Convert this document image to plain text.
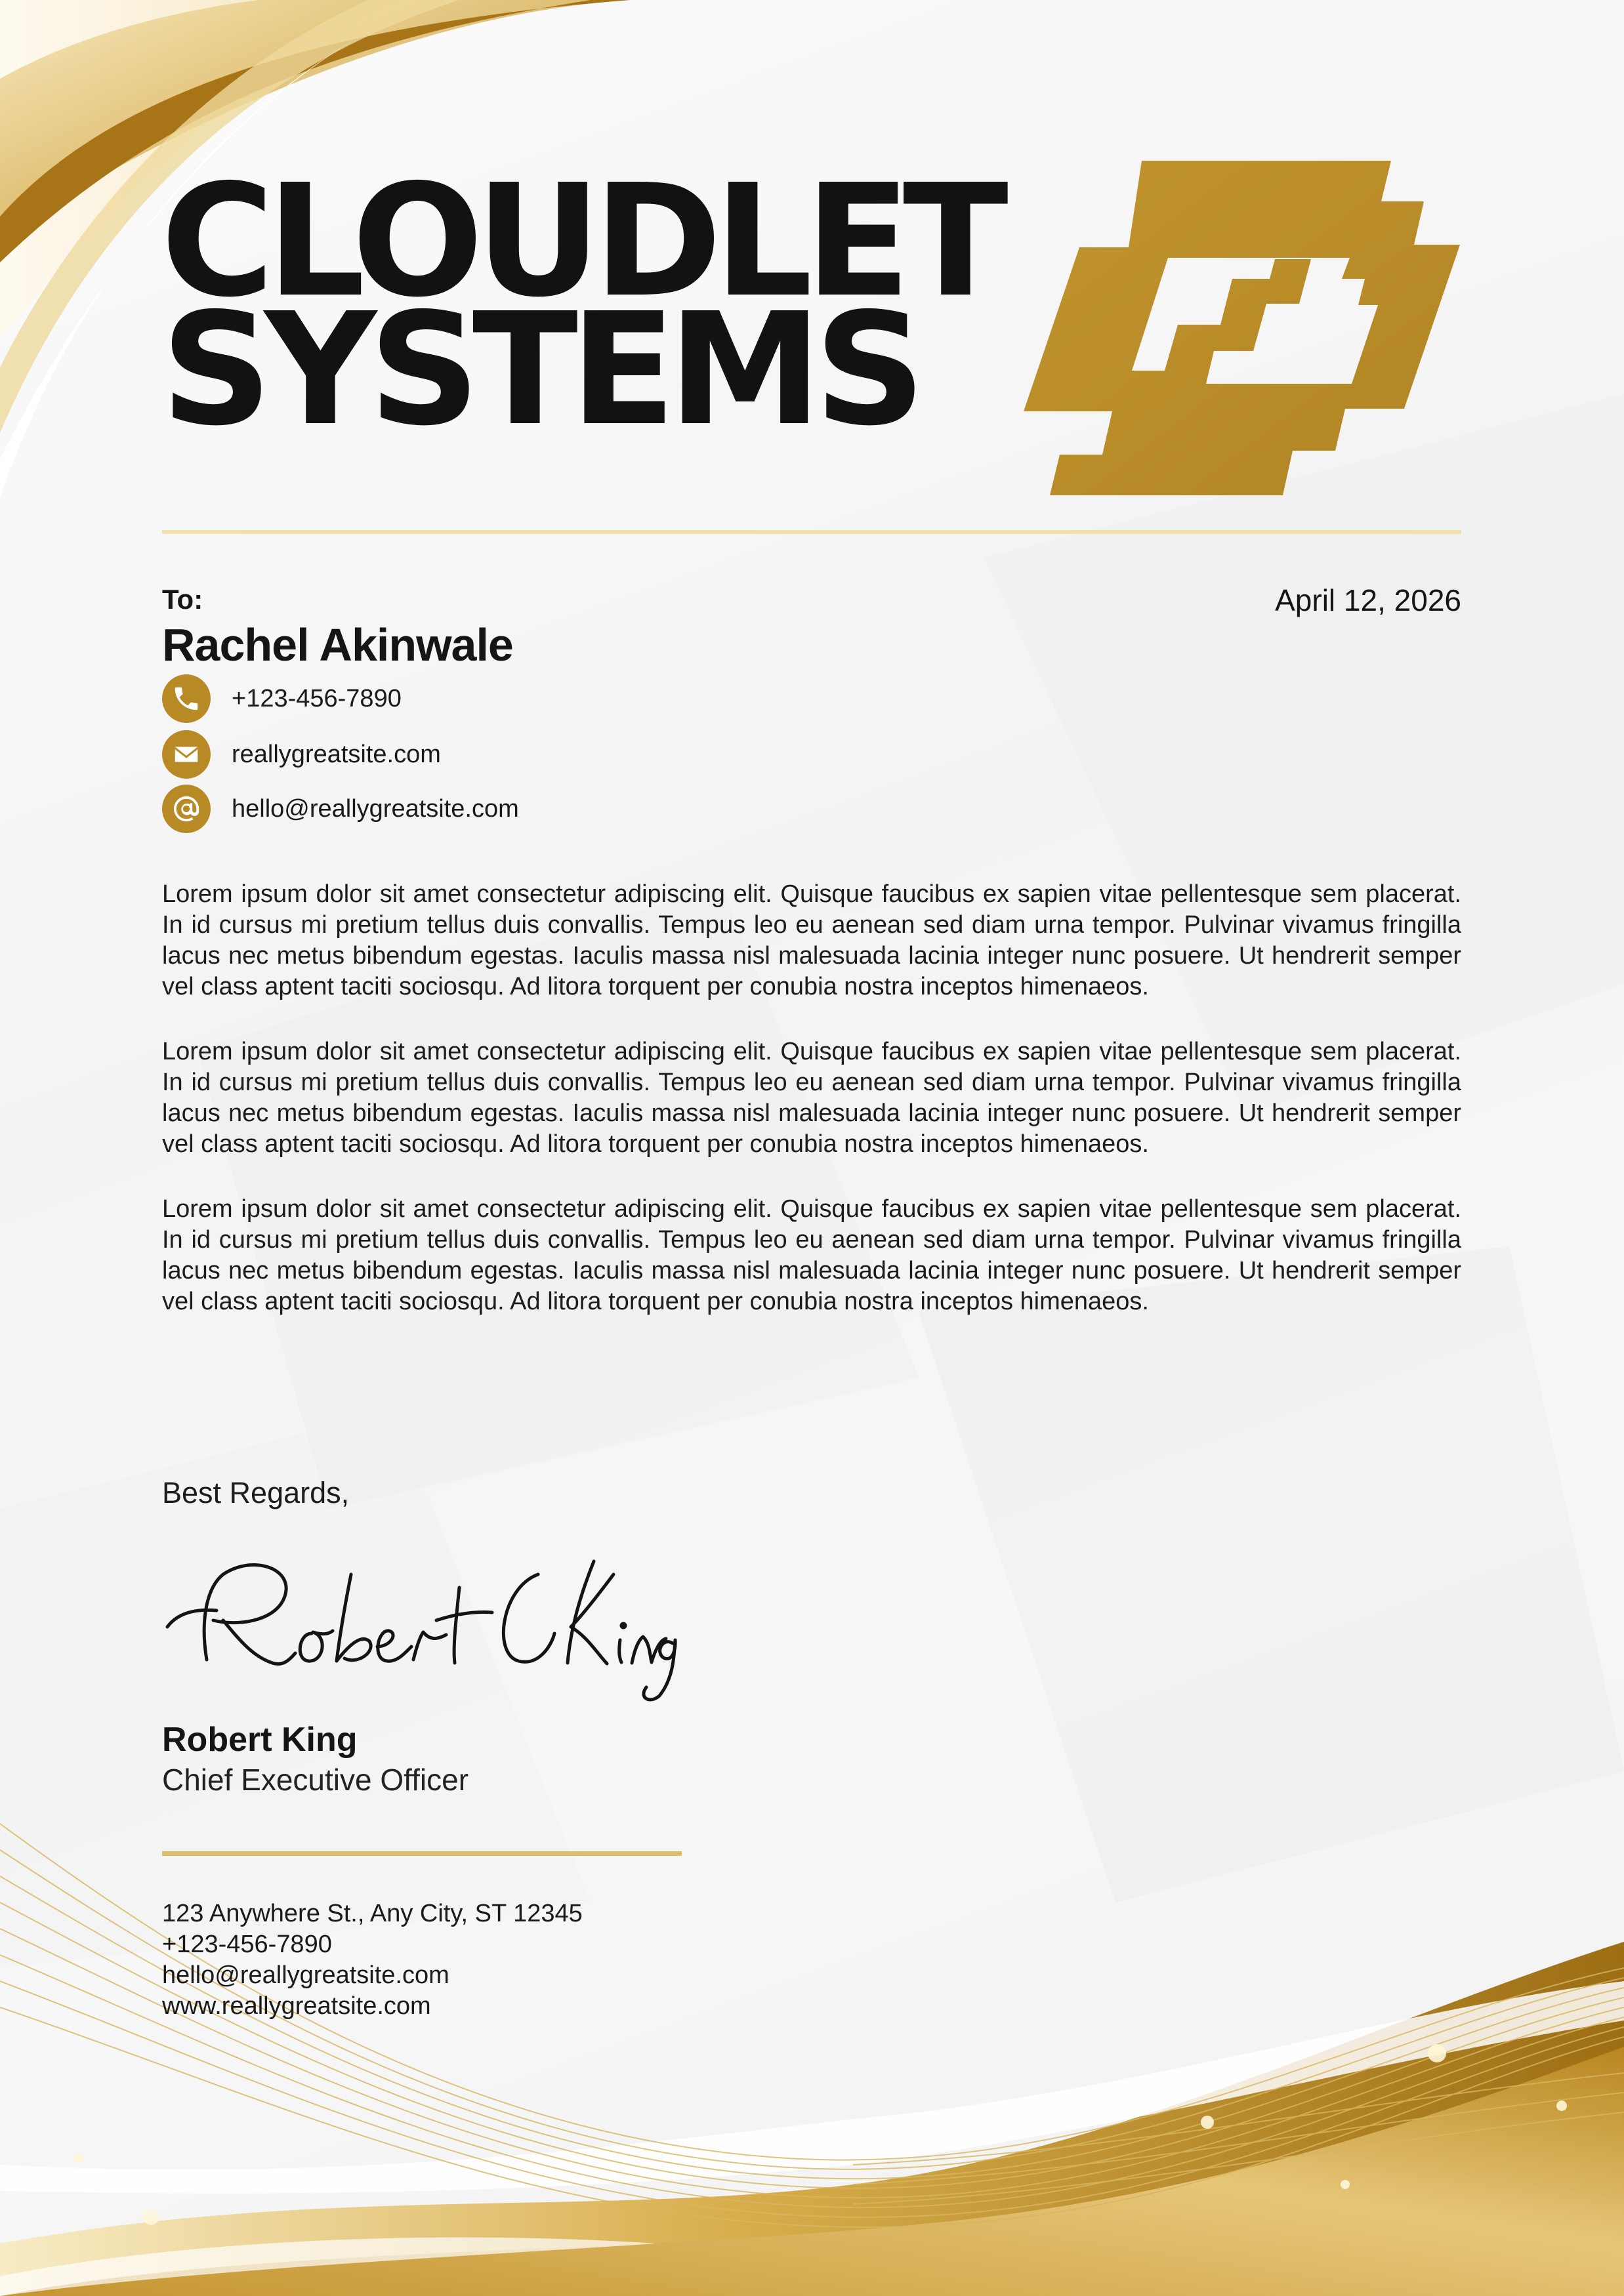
CLOUDLET
SYSTEMS
To:
Rachel Akinwale
April 12, 2026
+123-456-7890
reallygreatsite.com
hello@reallygreatsite.com

Lorem ipsum dolor sit amet consectetur adipiscing elit. Quisque faucibus ex sapien vitae pellentesque sem placerat. In id cursus mi pretium tellus duis convallis. Tempus leo eu aenean sed diam urna tempor. Pulvinar vivamus fringilla lacus nec metus bibendum egestas. Iaculis massa nisl malesuada lacinia integer nunc posuere. Ut hendrerit semper vel class aptent taciti sociosqu. Ad litora torquent per conubia nostra inceptos himenaeos.

Lorem ipsum dolor sit amet consectetur adipiscing elit. Quisque faucibus ex sapien vitae pellentesque sem placerat. In id cursus mi pretium tellus duis convallis. Tempus leo eu aenean sed diam urna tempor. Pulvinar vivamus fringilla lacus nec metus bibendum egestas. Iaculis massa nisl malesuada lacinia integer nunc posuere. Ut hendrerit semper vel class aptent taciti sociosqu. Ad litora torquent per conubia nostra inceptos himenaeos.

Lorem ipsum dolor sit amet consectetur adipiscing elit. Quisque faucibus ex sapien vitae pellentesque sem placerat. In id cursus mi pretium tellus duis convallis. Tempus leo eu aenean sed diam urna tempor. Pulvinar vivamus fringilla lacus nec metus bibendum egestas. Iaculis massa nisl malesuada lacinia integer nunc posuere. Ut hendrerit semper vel class aptent taciti sociosqu. Ad litora torquent per conubia nostra inceptos himenaeos.

Best Regards,
Robert King
Chief Executive Officer
123 Anywhere St., Any City, ST 12345
+123-456-7890
hello@reallygreatsite.com
www.reallygreatsite.com
